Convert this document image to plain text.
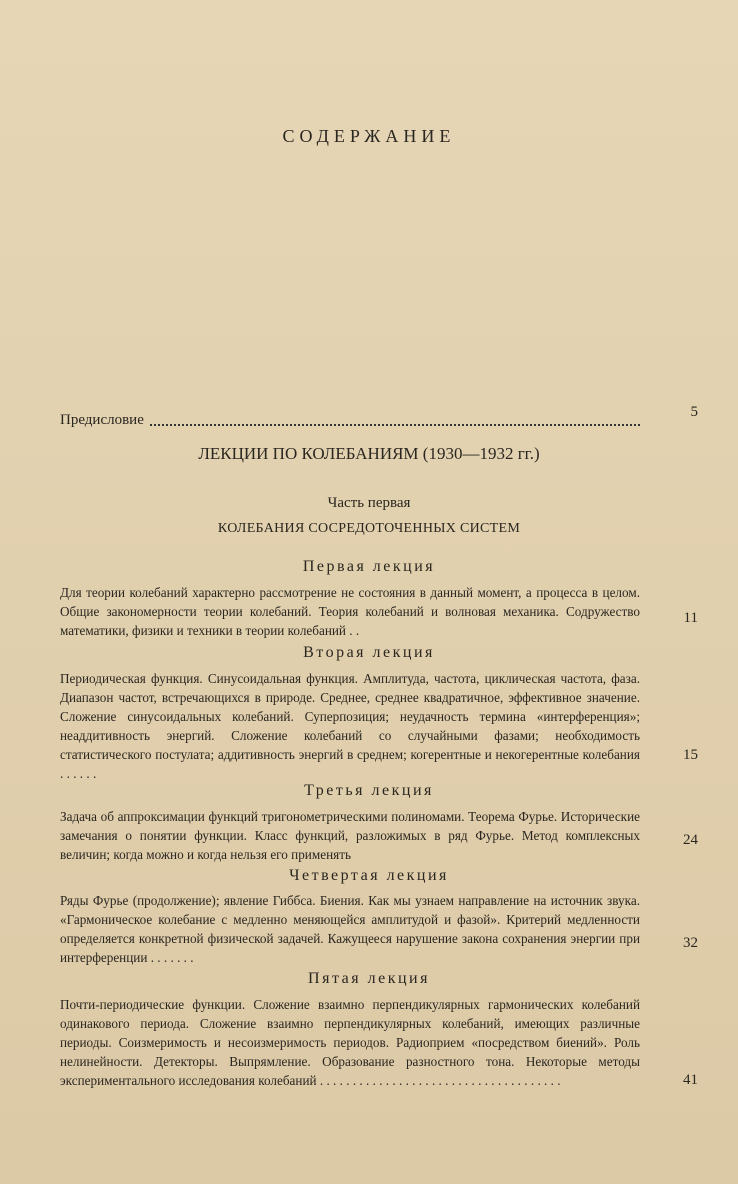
СОДЕРЖАНИЕ
Предисловие	5
ЛЕКЦИИ ПО КОЛЕБАНИЯМ (1930—1932 гг.)
Часть первая
КОЛЕБАНИЯ СОСРЕДОТОЧЕННЫХ СИСТЕМ
Первая лекция
Для теории колебаний характерно рассмотрение не состояния в данный момент, а процесса в целом. Общие закономерности теории колебаний. Теория колебаний и волновая механика. Содружество математики, физики и техники в теории колебаний . .
11
Вторая лекция
Периодическая функция. Синусоидальная функция. Амплитуда, частота, циклическая частота, фаза. Диапазон частот, встречающихся в природе. Среднее, среднее квадратичное, эффективное значение. Сложение синусоидальных колебаний. Суперпозиция; неудачность термина «интерференция»; неаддитивность энергий. Сложение колебаний со случайными фазами; необходимость статистического постулата; аддитивность энергий в среднем; когерентные и некогерентные колебания . . . . . .
15
Третья лекция
Задача об аппроксимации функций тригонометрическими полиномами. Теорема Фурье. Исторические замечания о понятии функции. Класс функций, разложимых в ряд Фурье. Метод комплексных величин; когда можно и когда нельзя его применять
24
Четвертая лекция
Ряды Фурье (продолжение); явление Гиббса. Биения. Как мы узнаем направление на источник звука. «Гармоническое колебание с медленно меняющейся амплитудой и фазой». Критерий медленности определяется конкретной физической задачей. Кажущееся нарушение закона сохранения энергии при интерференции . . . . . . .
32
Пятая лекция
Почти-периодические функции. Сложение взаимно перпендикулярных гармонических колебаний одинакового периода. Сложение взаимно перпендикулярных колебаний, имеющих различные периоды. Соизмеримость и несоизмеримость периодов. Радиоприем «посредством биений». Роль нелинейности. Детекторы. Выпрямление. Образование разностного тона. Некоторые методы экспериментального исследования колебаний . . . . . . . . . . . . . . . . . . . . . . . . . . . . . . . . . . . . .	41
